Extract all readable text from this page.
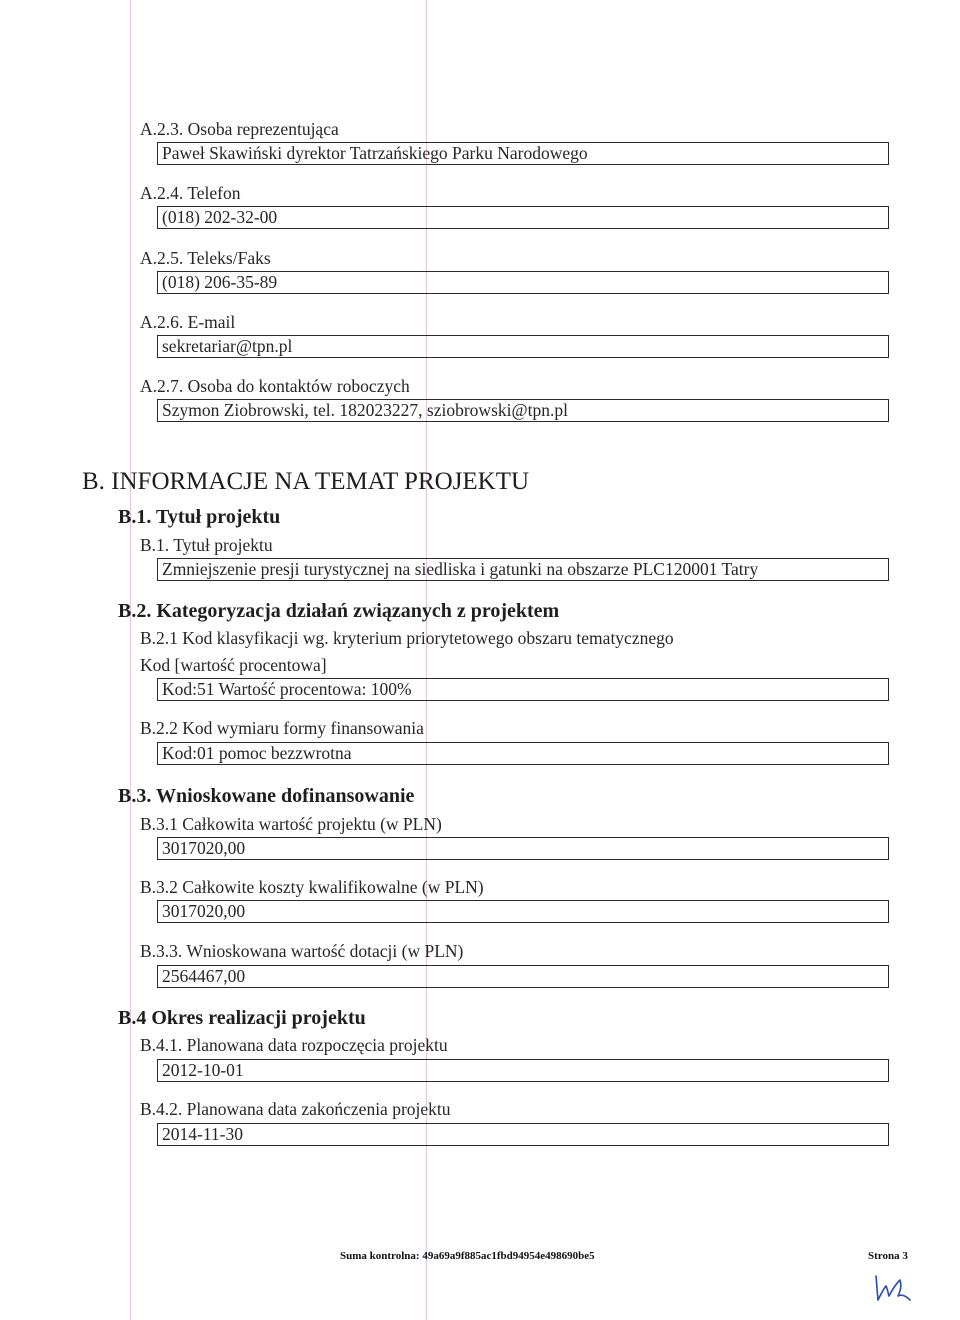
A.2.3. Osoba reprezentująca
Paweł Skawiński dyrektor Tatrzańskiego Parku Narodowego
A.2.4. Telefon
(018) 202-32-00
A.2.5. Teleks/Faks
(018) 206-35-89
A.2.6. E-mail
sekretariar@tpn.pl
A.2.7. Osoba do kontaktów roboczych
Szymon Ziobrowski, tel. 182023227, sziobrowski@tpn.pl
B. INFORMACJE NA TEMAT PROJEKTU
B.1. Tytuł projektu
B.1. Tytuł projektu
Zmniejszenie presji turystycznej na siedliska i gatunki na obszarze PLC120001 Tatry
B.2. Kategoryzacja działań związanych z projektem
B.2.1 Kod klasyfikacji wg. kryterium priorytetowego obszaru tematycznego
Kod [wartość procentowa]
Kod:51 Wartość procentowa: 100%
B.2.2 Kod wymiaru formy finansowania
Kod:01 pomoc bezzwrotna
B.3. Wnioskowane dofinansowanie
B.3.1 Całkowita wartość projektu (w PLN)
3017020,00
B.3.2 Całkowite koszty kwalifikowalne (w PLN)
3017020,00
B.3.3. Wnioskowana wartość dotacji (w PLN)
2564467,00
B.4 Okres realizacji projektu
B.4.1. Planowana data rozpoczęcia projektu
2012-10-01
B.4.2. Planowana data zakończenia projektu
2014-11-30
Suma kontrolna: 49a69a9f885ac1fbd94954e498690be5	Strona 3
